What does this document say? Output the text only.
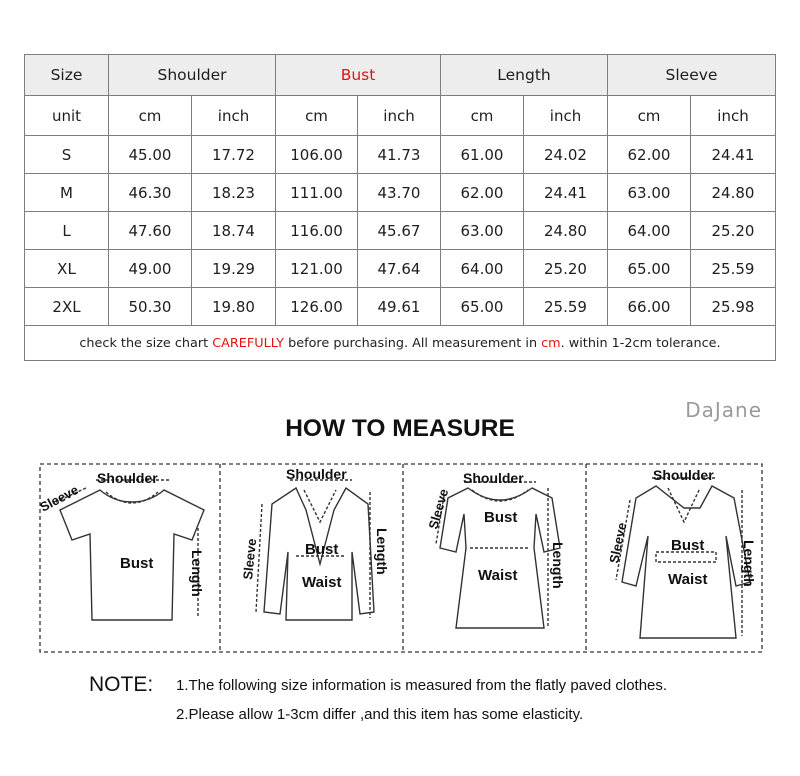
Size	Shoulder		Bust		Length		Sleeve	
unit	cm	inch	cm	inch	cm	inch	cm	inch
S	45.00	17.72	106.00	41.73	61.00	24.02	62.00	24.41
M	46.30	18.23	111.00	43.70	62.00	24.41	63.00	24.80
L	47.60	18.74	116.00	45.67	63.00	24.80	64.00	25.20
XL	49.00	19.29	121.00	47.64	64.00	25.20	65.00	25.59
2XL	50.30	19.80	126.00	49.61	65.00	25.59	66.00	25.98
check the size chart CAREFULLY before purchasing. All measurement in cm. within 1-2cm tolerance.								
DaJane
HOW TO MEASURE
Shoulder
Sleeve
Bust	Length
Shoulder
Sleeve	Bust
Waist
Length
Shoulder
Sleeve Bust
Waist Length
Shoulder
Sleeve	Bust
Waist Length
NOTE: 1.The following size information is measured from the flatly paved clothes.
2.Please allow 1-3cm differ ,and this item has some elasticity.
